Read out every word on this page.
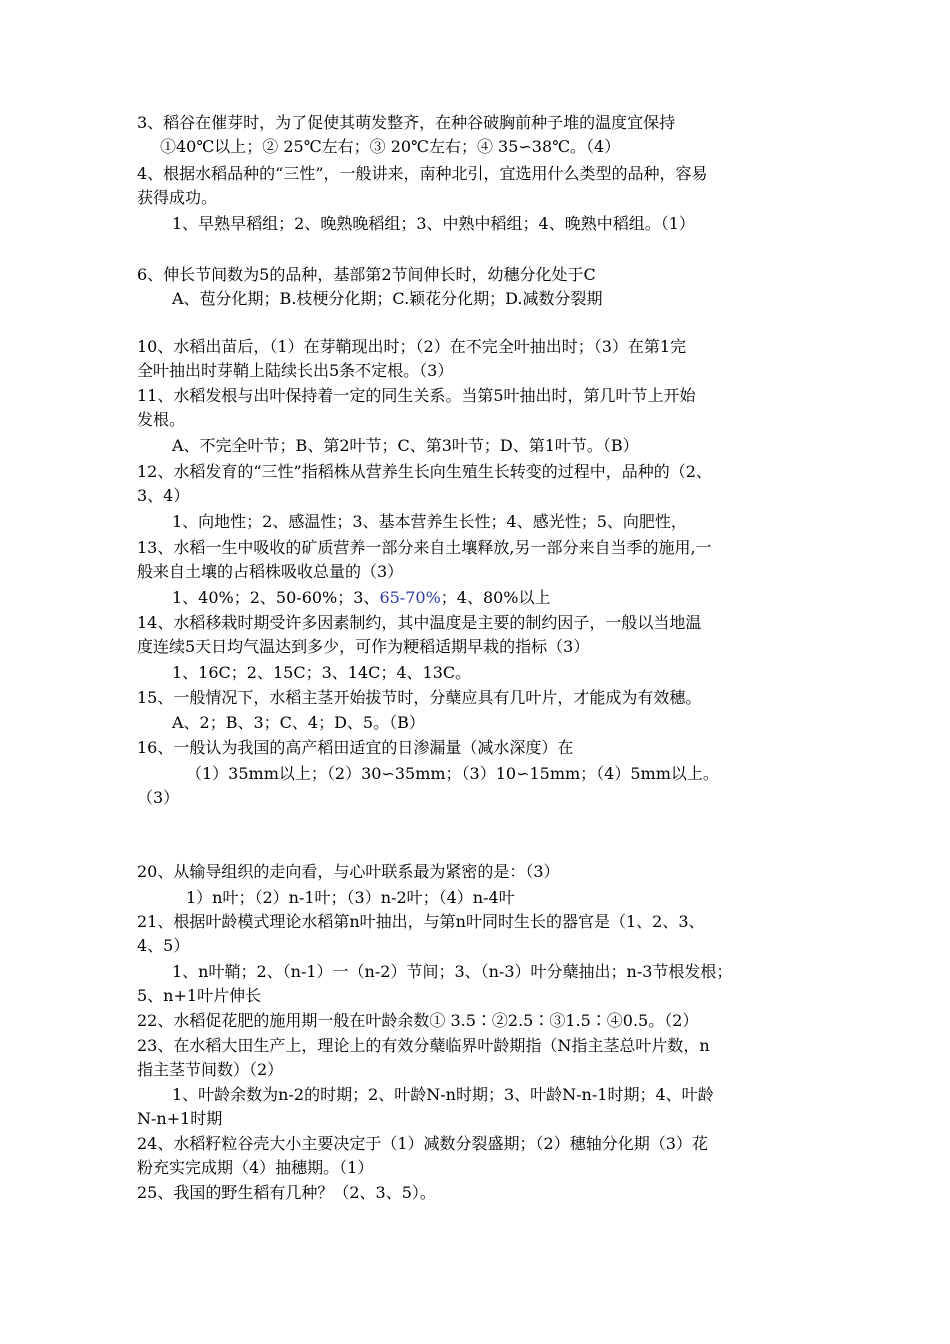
3、稻谷在催芽时，为了促使其萌发整齐，在种谷破胸前种子堆的温度宜保持
①40℃以上；② 25℃左右；③ 20℃左右；④ 35∽38℃。（4）
4、根据水稻品种的“三性”，一般讲来，南种北引，宜选用什么类型的品种，容易
获得成功。
1、早熟早稻组；2、晚熟晚稻组；3、中熟中稻组；4、晚熟中稻组。（1）
6、伸长节间数为5的品种，基部第2节间伸长时，幼穗分化处于C
A、苞分化期；B.枝梗分化期；C.颖花分化期；D.减数分裂期
10、水稻出苗后，（1）在芽鞘现出时；（2）在不完全叶抽出时；（3）在第1完
全叶抽出时芽鞘上陆续长出5条不定根。（3）
11、水稻发根与出叶保持着一定的同生关系。当第5叶抽出时，第几叶节上开始
发根。
A、不完全叶节；B、第2叶节；C、第3叶节；D、第1叶节。（B）
12、水稻发育的“三性”指稻株从营养生长向生殖生长转变的过程中，品种的（2、
3、4）
1、向地性；2、感温性；3、基本营养生长性；4、感光性；5、向肥性，
13、水稻一生中吸收的矿质营养一部分来自土壤释放,另一部分来自当季的施用,一
般来自土壤的占稻株吸收总量的（3）
1、40%；2、50-60%；3、65-70%；4、80%以上
14、水稻移栽时期受许多因素制约，其中温度是主要的制约因子，一般以当地温
度连续5天日均气温达到多少，可作为粳稻适期早栽的指标（3）
1、16C；2、15C；3、14C；4、13C。
15、一般情况下，水稻主茎开始拔节时，分蘖应具有几叶片，才能成为有效穗。
A、2；B、3；C、4；D、5。（B）
16、一般认为我国的高产稻田适宜的日渗漏量（减水深度）在
（1）35mm以上；（2）30∽35mm；（3）10∽15mm；（4）5mm以上。
（3）
20、从输导组织的走向看，与心叶联系最为紧密的是：（3）
1）n叶；（2）n-1叶；（3）n-2叶；（4）n-4叶
21、根据叶龄模式理论水稻第n叶抽出，与第n叶同时生长的器官是（1、2、3、
4、5）
1、n叶鞘；2、（n-1）一（n-2）节间；3、（n-3）叶分蘖抽出；n-3节根发根；
5、n+1叶片伸长
22、水稻促花肥的施用期一般在叶龄余数① 3.5∶②2.5∶③1.5∶④0.5。（2）
23、在水稻大田生产上，理论上的有效分蘖临界叶龄期指（N指主茎总叶片数，n
指主茎节间数）（2）
1、叶龄余数为n-2的时期；2、叶龄N-n时期；3、叶龄N-n-1时期；4、叶龄
N-n+1时期
24、水稻籽粒谷壳大小主要决定于（1）减数分裂盛期；（2）穗轴分化期（3）花
粉充实完成期（4）抽穗期。（1）
25、我国的野生稻有几种？（2、3、5）。
